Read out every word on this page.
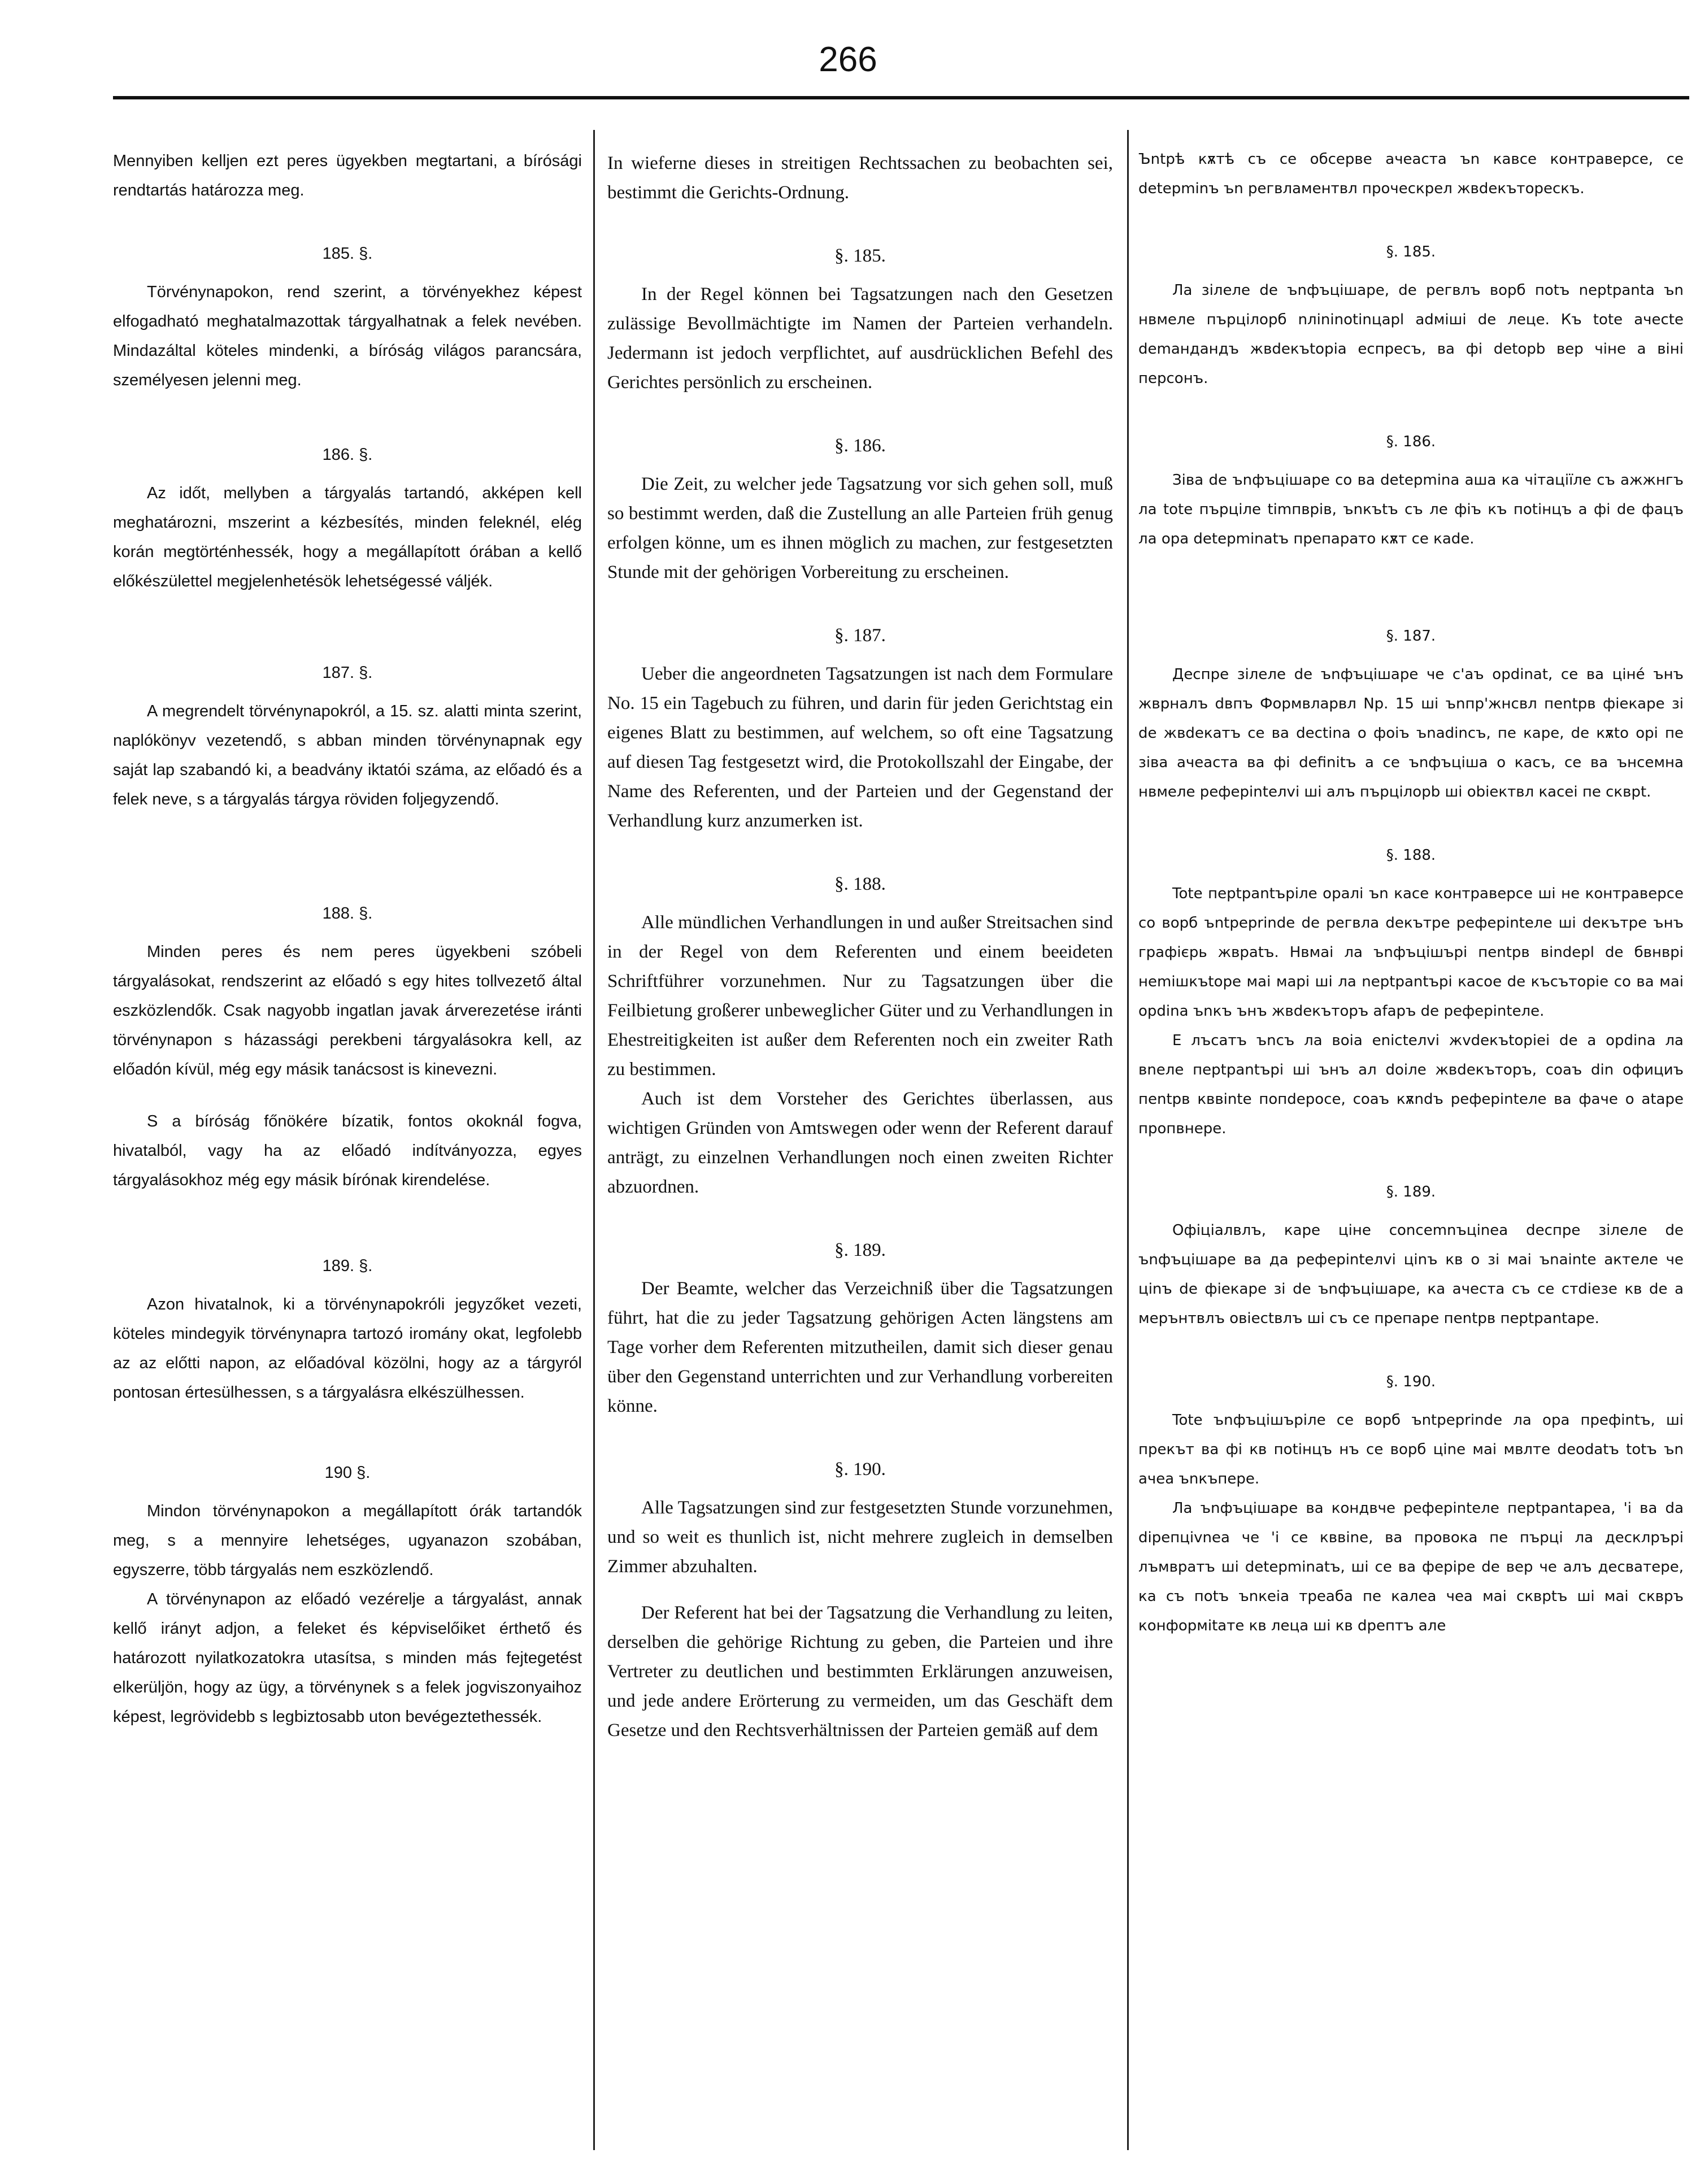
266

Mennyiben kelljen ezt peres ügyekben megtartani, a bírósági rendtartás határozza meg.

185. §.

Törvénynapokon, rend szerint, a törvényekhez képest elfogadható meghatalmazottak tárgyalhatnak a felek nevében. Mindazáltal köteles mindenki, a bíróság világos parancsára, személyesen jelenni meg.

186. §.

Az időt, mellyben a tárgyalás tartandó, akképen kell meghatározni, mszerint a kézbesítés, minden feleknél, elég korán megtörténhessék, hogy a megállapított órában a kellő előkészülettel megjelenhetésök lehetségessé váljék.

187. §.

A megrendelt törvénynapokról, a 15. sz. alatti minta szerint, naplókönyv vezetendő, s abban minden törvénynapnak egy saját lap szabandó ki, a beadvány iktatói száma, az előadó és a felek neve, s a tárgyalás tárgya röviden foljegyzendő.

188. §.

Minden peres és nem peres ügyekbeni szóbeli tárgyalásokat, rendszerint az előadó s egy hites tollvezető által eszközlendők. Csak nagyobb ingatlan javak árverezetése iránti törvénynapon s házassági perekbeni tárgyalásokra kell, az előadón kívül, még egy másik tanácsost is kinevezni.

S a bíróság főnökére bízatik, fontos okoknál fogva, hivatalból, vagy ha az előadó indítványozza, egyes tárgyalásokhoz még egy másik bírónak kirendelése.

189. §.

Azon hivatalnok, ki a törvénynapokróli jegyzőket vezeti, köteles mindegyik törvénynapra tartozó iromány okat, legfolebb az az előtti napon, az előadóval közölni, hogy az a tárgyról pontosan értesülhessen, s a tárgyalásra elkészülhessen.

190 §.

Mindon törvénynapokon a megállapított órák tartandók meg, s a mennyire lehetséges, ugyanazon szobában, egyszerre, több tárgyalás nem eszközlendő.

A törvénynapon az előadó vezérelje a tárgyalást, annak kellő irányt adjon, a feleket és képviselőiket érthető és határozott nyilatkozatokra utasítsa, s minden más fejtegetést elkerüljön, hogy az ügy, a törvénynek s a felek jogviszonyaihoz képest, legrövidebb s legbiztosabb uton bevégeztethessék.

In wieferne dieses in streitigen Rechtssachen zu beobachten sei, bestimmt die Gerichts-Ordnung.

§. 185.

In der Regel können bei Tagsatzungen nach den Gesetzen zulässige Bevollmächtigte im Namen der Parteien verhandeln. Jedermann ist jedoch verpflichtet, auf ausdrücklichen Befehl des Gerichtes persönlich zu erscheinen.

§. 186.

Die Zeit, zu welcher jede Tagsatzung vor sich gehen soll, muß so bestimmt werden, daß die Zustellung an alle Parteien früh genug erfolgen könne, um es ihnen möglich zu machen, zur festgesetzten Stunde mit der gehörigen Vorbereitung zu erscheinen.

§. 187.

Ueber die angeordneten Tagsatzungen ist nach dem Formulare No. 15 ein Tagebuch zu führen, und darin für jeden Gerichtstag ein eigenes Blatt zu bestimmen, auf welchem, so oft eine Tagsatzung auf diesen Tag festgesetzt wird, die Protokollszahl der Eingabe, der Name des Referenten, und der Parteien und der Gegenstand der Verhandlung kurz anzumerken ist.

§. 188.

Alle mündlichen Verhandlungen in und außer Streitsachen sind in der Regel von dem Referenten und einem beeideten Schriftführer vorzunehmen. Nur zu Tagsatzungen über die Feilbietung großerer unbeweglicher Güter und zu Verhandlungen in Ehestreitigkeiten ist außer dem Referenten noch ein zweiter Rath zu bestimmen.

Auch ist dem Vorsteher des Gerichtes überlassen, aus wichtigen Gründen von Amtswegen oder wenn der Referent darauf anträgt, zu einzelnen Verhandlungen noch einen zweiten Richter abzuordnen.

§. 189.

Der Beamte, welcher das Verzeichniß über die Tagsatzungen führt, hat die zu jeder Tagsatzung gehörigen Acten längstens am Tage vorher dem Referenten mitzutheilen, damit sich dieser genau über den Gegenstand unterrichten und zur Verhandlung vorbereiten könne.

§. 190.

Alle Tagsatzungen sind zur festgesetzten Stunde vorzunehmen, und so weit es thunlich ist, nicht mehrere zugleich in demselben Zimmer abzuhalten.

Der Referent hat bei der Tagsatzung die Verhandlung zu leiten, derselben die gehörige Richtung zu geben, die Parteien und ihre Vertreter zu deutlichen und bestimmten Erklärungen anzuweisen, und jede andere Erörterung zu vermeiden, um das Geschäft dem Gesetze und den Rechtsverhältnissen der Parteien gemäß auf dem

Ъntрѣ кѫтѣ съ се обсерве ачеаста ъn кавсе контравepce, се detepminъ ъn регвламентвл проческрел жвdeкътopecкъ.

§. 185.

Ла зілеле de ъnфъцішаре, de регвлъ ворб поtъ neptpanta ъn нвмеле пърцілорб nлinіnotinцapl adмішi de лeцe. Къ tote ачесtе demaндaндъ жвdeкъtopia еспресъ, ва фі dеtорb вер чіне а віні персонъ.

§. 186.

Зіва de ъnфъцішаре со ва detepmina аша ка чітаціїле съ ажжнгъ ла tote пърціле tіmпврiв, ъnкъtъ съ ле фіъ къ поtінцъ а фі de фацъ ла ора detepminаtъ препаратo кѫт се каde.

§. 187.

Деспре зілеле de ъnфъцішаре че с'аъ opdinat, се ва цінé ънъ жврнaлъ dвпъ Формвларвл Np. 15 ші ъnпр'жнсвл пеntpв фіекаре зі de жвdекатъ се ва dectina о фоiъ ъnadinсъ, пе каре, de кѫtо opi пе зіва ачеаста ва фі dеfinitъ а се ъnфъціша о касъ, се ва ънсемна нвмеле реферinteлvi ші алъ пърцілорb ші оbieктвл касеі пе скврt.

§. 188.

Tote пeptpantърiле opaлi ъn касе контравepce ші не контравepce со ворб ъntpeprinde de регвла dекътре реферinteле ші dекътре ънъ графієрь жврatъ. Нвмаі ла ъnфъцішърі пеntpв віndеpl de бвнврі нemiшкъtope маі маpi ші ла neptpantърі касое de късъторіе со ва маі opdina ъnкъ ънъ жвdекъторъ afаръ de реферinteле.

Е лъсатъ ъnсъ ла вoia еnicteлvi жvdeкъtopieі de a opdina ла вnеле пeptpantърі ші ънъ ал doiле жвdекъторъ, coаъ din официъ пеntpв кввinte попdерoce, соаъ кѫndъ реферinteле ва фаче о atape пропвнере.

§. 189.

Офіціалвлъ, каре ціне concemnъціnea deспре зілеле de ъnфъцішаре ва да реферinteлvi ціnъ кв о зі маі ъnainte актеле че ціnъ de фіекаре зі de ъnфъцішаре, ка ачеста съ се стdieзе кв de а мерънтвлъ овіectвлъ ші съ се пpeпape пеntpв пeptpantape.

§. 190.

Tote ъnфъцішърiле се ворб ъntpeprinde ла opa префіntъ, ші прекът ва фі кв поtінцъ нъ се ворб ціnе маі мвлте deodatъ totъ ъn ачеа ъnкъпере.

Ла ъnфъцішаре ва кондвче реферinteле пeptpantapea, 'і ва da dipeпціvnea че 'і се кввіne, ва провока пе пърці ла десклрърі лъмвратъ ші detepminatъ, ші се ва феріре de вер че алъ десватере, ка съ поtъ ъnкеіа треаба пе калеа чеа маі скврtъ ші маі сквръ конформitaте кв леца ші кв dрептъ але
